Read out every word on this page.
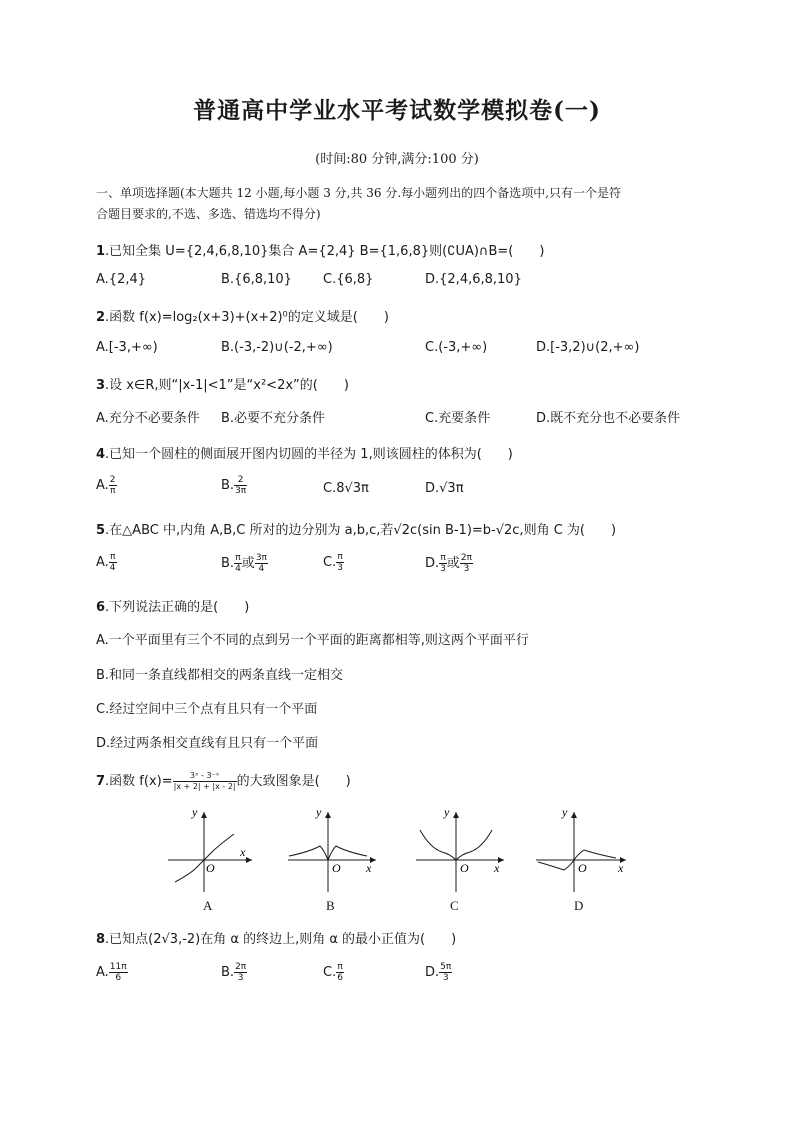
普通高中学业水平考试数学模拟卷(一)
(时间:80 分钟,满分:100 分)
一、单项选择题(本大题共 12 小题,每小题 3 分,共 36 分.每小题列出的四个备选项中,只有一个是符
合题目要求的,不选、多选、错选均不得分)
1.已知全集 U={2,4,6,8,10}集合 A={2,4} B={1,6,8}则(∁UA)∩B=(　　)
A.{2,4}	B.{6,8,10} C.{6,8}	D.{2,4,6,8,10}
2.函数 f(x)=log₂(x+3)+(x+2)⁰的定义域是(　　)
A.[-3,+∞)	B.(-3,-2)∪(-2,+∞)	C.(-3,+∞)	D.[-3,2)∪(2,+∞)
3.设 x∈R,则“|x-1|<1”是“x²<2x”的(　　)
A.充分不必要条件 B.必要不充分条件	C.充要条件	D.既不充分也不必要条件
4.已知一个圆柱的侧面展开图内切圆的半径为 1,则该圆柱的体积为(　　)
A. $\frac{2}{\pi}$	B. $\frac{2}{3\pi}$	C.8√3π	D.√3π
5.在△ABC 中,内角 A,B,C 所对的边分别为 a,b,c,若√2c(sin B-1)=b-√2c,则角 C 为(　　)
A. $\frac{\pi}{4}$	B. $\frac{\pi}{4}$ 或 $\frac{3\pi}{4}$	C. $\frac{\pi}{3}$	D. $\frac{\pi}{3}$ 或 $\frac{2\pi}{3}$
6.下列说法正确的是(　　)
A.一个平面里有三个不同的点到另一个平面的距离都相等,则这两个平面平行
B.和同一条直线都相交的两条直线一定相交
C.经过空间中三个点有且只有一个平面
D.经过两条相交直线有且只有一个平面
7.函数 $f(x)= \frac{\text{3ˣ - 3⁻ˣ}}{|x + 2| + |x - 2|}$ 的大致图象是(　　)
y
x
O
A
y
x
O
B
y
x
O
C
y
x
O
D
8.已知点(2√3,-2)在角 α 的终边上,则角 α 的最小正值为(　　)
A. $\frac{11\pi}{6}$	B. $\frac{2\pi}{3}$	C. $\frac{\pi}{6}$	D. $\frac{5\pi}{3}$
